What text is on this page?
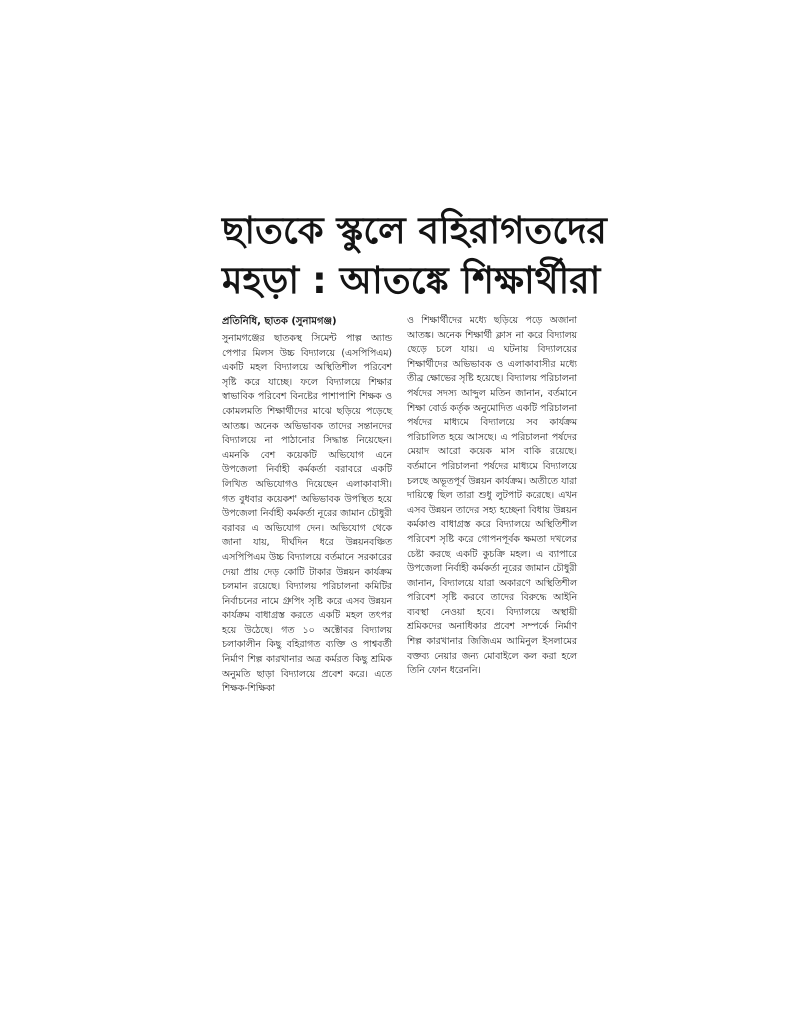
ছাতকে স্কুলে বহিরাগতদের
মহড়া : আতঙ্কে শিক্ষার্থীরা
প্রতিনিধি, ছাতক (সুনামগঞ্জ)

সুনামগঞ্জের ছাতকস্থ সিমেন্ট পাল্প অ্যান্ড পেপার মিলস উচ্চ বিদ্যালয়ে (এসপিপিএম) একটি মহল বিদ্যালয়ে অস্থিতিশীল পরিবেশ সৃষ্টি করে যাচ্ছে। ফলে বিদ্যালয়ে শিক্ষার স্বাভাবিক পরিবেশ বিনষ্টের পাশাপাশি শিক্ষক ও কোমলমতি শিক্ষার্থীদের মাঝে ছড়িয়ে পড়েছে আতঙ্ক। অনেক অভিভাবক তাদের সন্তানদের বিদ্যালয়ে না পাঠানোর সিদ্ধান্ত নিয়েছেন। এমনকি বেশ কয়েকটি অভিযোগ এনে উপজেলা নির্বাহী কর্মকর্তা বরাবরে একটি লিখিত অভিযোগও দিয়েছেন এলাকাবাসী। গত বুধবার কয়েকশ' অভিভাবক উপস্থিত হয়ে উপজেলা নির্বাহী কর্মকর্তা নূরের জামান চৌধুরী বরাবর এ অভিযোগ দেন। অভিযোগ থেকে জানা যায়, দীর্ঘদিন ধরে উন্নয়নবঞ্চিত এসপিপিএম উচ্চ বিদ্যালয়ে বর্তমানে সরকারের দেয়া প্রায় দেড় কোটি টাকার উন্নয়ন কার্যক্রম চলমান রয়েছে। বিদ্যালয় পরিচালনা কমিটির নির্বাচনের নামে গ্রুপিং সৃষ্টি করে এসব উন্নয়ন কার্যক্রম বাধাগ্রস্ত করতে একটি মহল তৎপর হয়ে উঠেছে। গত ১০ অক্টোবর বিদ্যালয় চলাকালীন কিছু বহিরাগত ব্যক্তি ও পাশ্ববর্তী নির্মাণ শিল্প কারখানার অত্র কর্মরত কিছু শ্রমিক অনুমতি ছাড়া বিদ্যালয়ে প্রবেশ করে। এতে শিক্ষক-শিক্ষিকা

ও শিক্ষার্থীদের মধ্যে ছড়িয়ে পড়ে অজানা আতঙ্ক। অনেক শিক্ষার্থী ক্লাস না করে বিদ্যালয় ছেড়ে চলে যায়। এ ঘটনায় বিদ্যালয়ের শিক্ষার্থীদের অভিভাবক ও এলাকাবাসীর মধ্যে তীব্র ক্ষোভের সৃষ্টি হয়েছে। বিদ্যালয় পরিচালনা পর্ষদের সদস্য আব্দুল মতিন জানান, বর্তমানে শিক্ষা বোর্ড কর্তৃক অনুমোদিত একটি পরিচালনা পর্ষদের মাধ্যমে বিদ্যালয়ে সব কার্যক্রম পরিচালিত হয়ে আসছে। এ পরিচালনা পর্ষদের মেয়াদ আরো কয়েক মাস বাকি রয়েছে। বর্তমানে পরিচালনা পর্ষদের মাধ্যমে বিদ্যালয়ে চলছে অভূতপূর্ব উন্নয়ন কার্যক্রম। অতীতে যারা দায়িত্বে ছিল তারা শুধু লুটপাট করেছে। এখন এসব উন্নয়ন তাদের সহ্য হচ্ছেনা বিধায় উন্নয়ন কর্মকাণ্ড বাধাগ্রস্ত করে বিদ্যালয়ে অস্থিতিশীল পরিবেশ সৃষ্টি করে গোপনপূর্বক ক্ষমতা দখলের চেষ্টা করছে একটি কুচক্রি মহল। এ ব্যাপারে উপজেলা নির্বাহী কর্মকর্তা নূরের জামান চৌধুরী জানান, বিদ্যালয়ে যারা অকারণে অস্থিতিশীল পরিবেশ সৃষ্টি করবে তাদের বিরুদ্ধে আইনি ব্যবস্থা নেওয়া হবে। বিদ্যালয়ে অস্থায়ী শ্রমিকদের অনাধিকার প্রবেশ সম্পর্কে নির্মাণ শিল্প কারখানার জিজিএম আমিনুল ইসলামের বক্তব্য নেয়ার জন্য মোবাইলে কল করা হলে তিনি ফোন ধরেননি।
